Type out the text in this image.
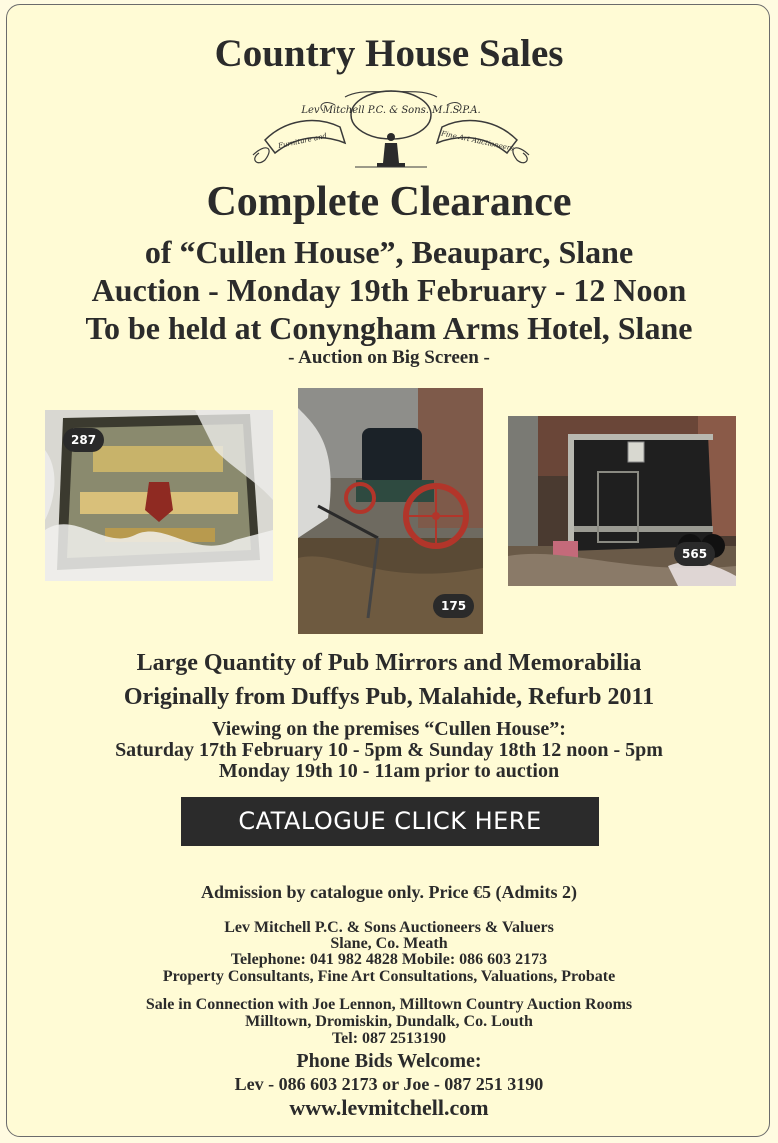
Country House Sales
Lev Mitchell P.C. & Sons. M.I.S.P.A.
Furniture and	Fine Art Auctioneers
Complete Clearance
of “Cullen House”, Beauparc, Slane
Auction - Monday 19th February - 12 Noon
To be held at Conyngham Arms Hotel, Slane
- Auction on Big Screen -
287
175
565
Large Quantity of Pub Mirrors and Memorabilia
Originally from Duffys Pub, Malahide, Refurb 2011
Viewing on the premises “Cullen House”:
Saturday 17th February 10 - 5pm & Sunday 18th 12 noon - 5pm
Monday 19th 10 - 11am prior to auction
CATALOGUE CLICK HERE
Admission by catalogue only. Price €5 (Admits 2)
Lev Mitchell P.C. & Sons Auctioneers & Valuers
Slane, Co. Meath
Telephone: 041 982 4828 Mobile: 086 603 2173
Property Consultants, Fine Art Consultations, Valuations, Probate
Sale in Connection with Joe Lennon, Milltown Country Auction Rooms
Milltown, Dromiskin, Dundalk, Co. Louth
Tel: 087 2513190
Phone Bids Welcome:
Lev - 086 603 2173 or Joe - 087 251 3190
www.levmitchell.com
